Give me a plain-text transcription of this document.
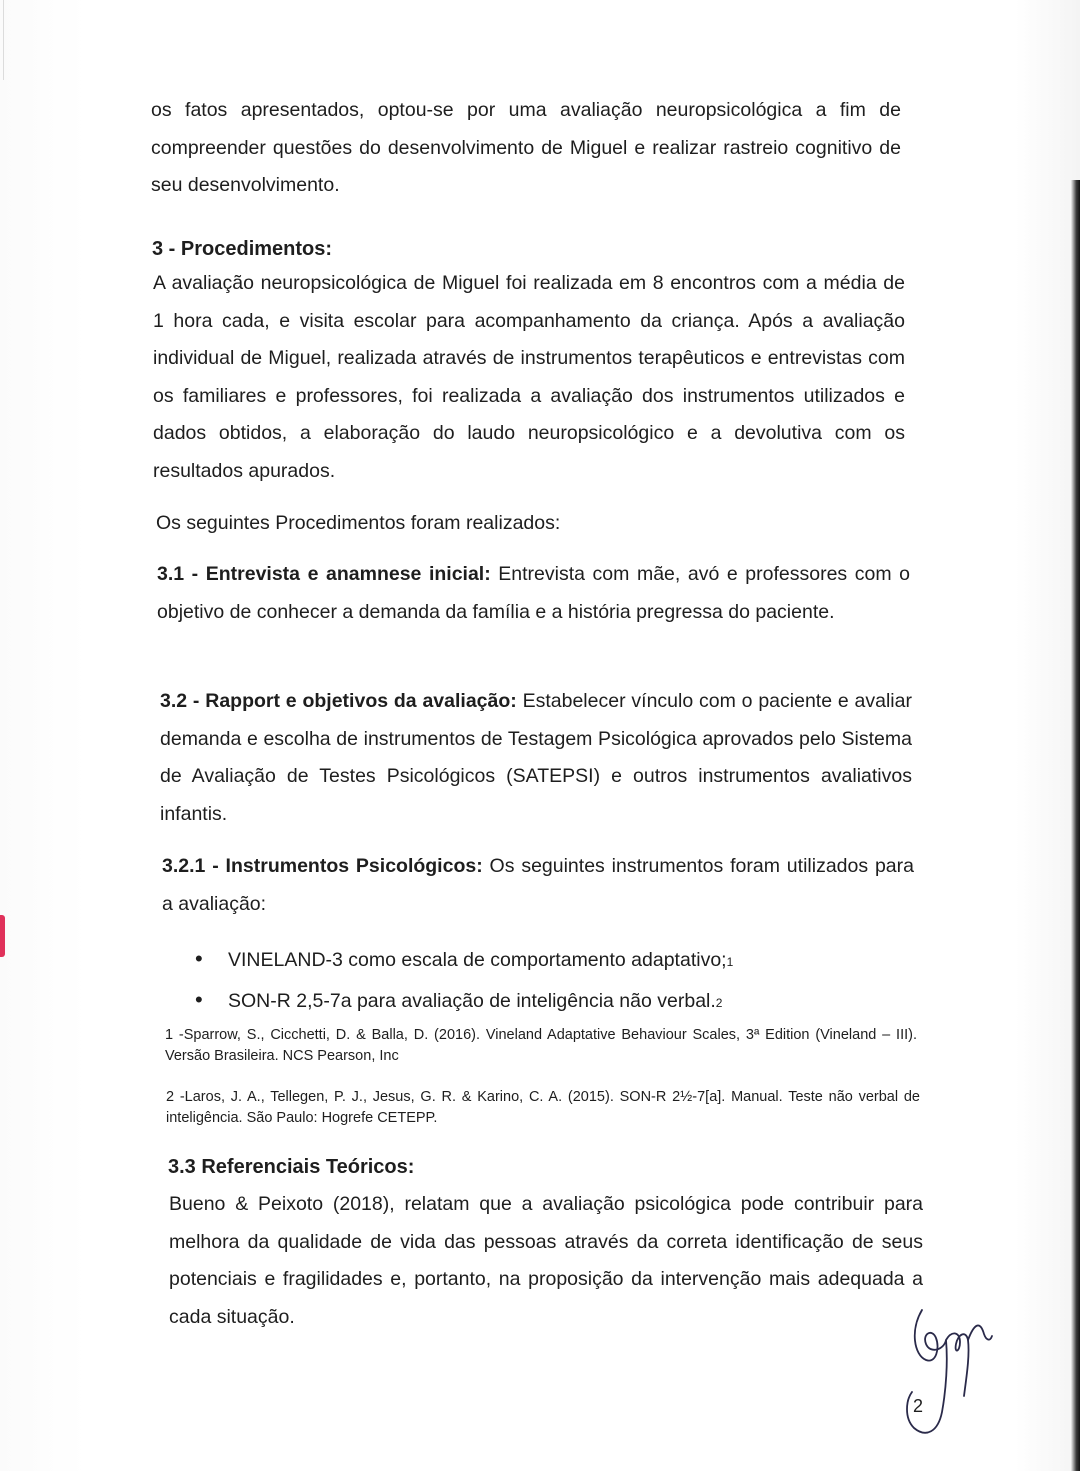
os fatos apresentados, optou-se por uma avaliação neuropsicológica a fim de compreender questões do desenvolvimento de Miguel e realizar rastreio cognitivo de seu desenvolvimento.

3 - Procedimentos:

A avaliação neuropsicológica de Miguel foi realizada em 8 encontros com a média de 1 hora cada, e visita escolar para acompanhamento da criança. Após a avaliação individual de Miguel, realizada através de instrumentos terapêuticos e entrevistas com os familiares e professores, foi realizada a avaliação dos instrumentos utilizados e dados obtidos, a elaboração do laudo neuropsicológico e a devolutiva com os resultados apurados.

Os seguintes Procedimentos foram realizados:

3.1 - Entrevista e anamnese inicial: Entrevista com mãe, avó e professores com o objetivo de conhecer a demanda da família e a história pregressa do paciente.

3.2 - Rapport e objetivos da avaliação: Estabelecer vínculo com o paciente e avaliar demanda e escolha de instrumentos de Testagem Psicológica aprovados pelo Sistema de Avaliação de Testes Psicológicos (SATEPSI) e outros instrumentos avaliativos infantis.

3.2.1 - Instrumentos Psicológicos: Os seguintes instrumentos foram utilizados para a avaliação:

•	VINELAND-3 como escala de comportamento adaptativo; 1
•	SON-R 2,5-7a para avaliação de inteligência não verbal. 2

1 -Sparrow, S., Cicchetti, D. & Balla, D. (2016). Vineland Adaptative Behaviour Scales, 3ª Edition (Vineland – III). Versão Brasileira. NCS Pearson, Inc

2 -Laros, J. A., Tellegen, P. J., Jesus, G. R. & Karino, C. A. (2015). SON-R 2½-7[a]. Manual. Teste não verbal de inteligência. São Paulo: Hogrefe CETEPP.

3.3 Referenciais Teóricos:

Bueno & Peixoto (2018), relatam que a avaliação psicológica pode contribuir para melhora da qualidade de vida das pessoas através da correta identificação de seus potenciais e fragilidades e, portanto, na proposição da intervenção mais adequada a cada situação.

2
